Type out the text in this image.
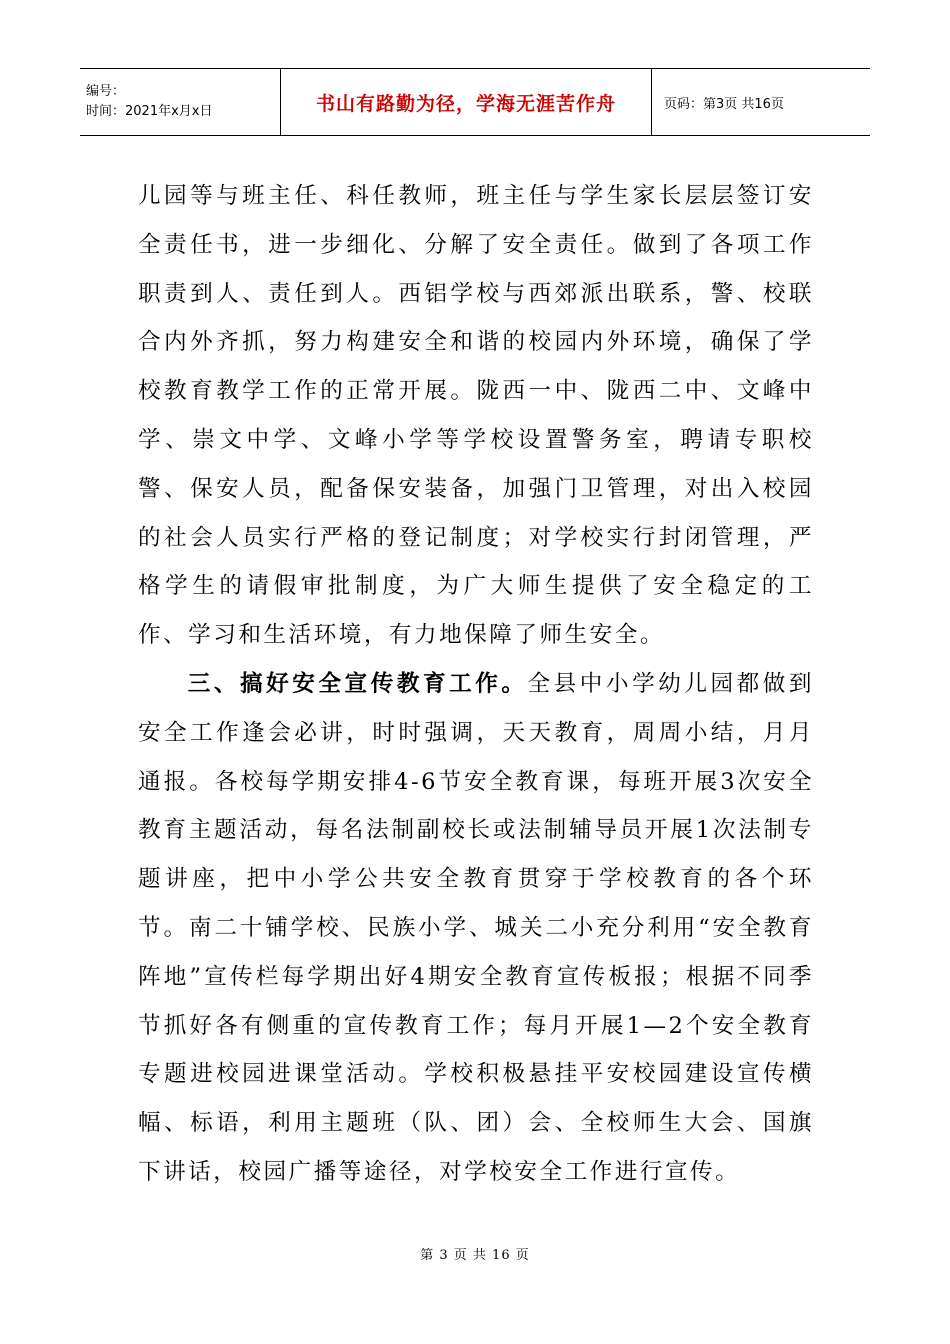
编号：
时间：2021年x月x日	书山有路勤为径，学海无涯苦作舟	页码：第3页 共16页

儿园等与班主任、科任教师，班主任与学生家长层层签订安全责任书，进一步细化、分解了安全责任。做到了各项工作职责到人、责任到人。西铝学校与西郊派出联系，警、校联合内外齐抓，努力构建安全和谐的校园内外环境，确保了学校教育教学工作的正常开展。陇西一中、陇西二中、文峰中学、崇文中学、文峰小学等学校设置警务室，聘请专职校警、保安人员，配备保安装备，加强门卫管理，对出入校园的社会人员实行严格的登记制度；对学校实行封闭管理，严格学生的请假审批制度，为广大师生提供了安全稳定的工作、学习和生活环境，有力地保障了师生安全。

三、搞好安全宣传教育工作。全县中小学幼儿园都做到安全工作逢会必讲，时时强调，天天教育，周周小结，月月通报。各校每学期安排4-6节安全教育课，每班开展3次安全教育主题活动，每名法制副校长或法制辅导员开展1次法制专题讲座，把中小学公共安全教育贯穿于学校教育的各个环节。南二十铺学校、民族小学、城关二小充分利用“安全教育阵地”宣传栏每学期出好4期安全教育宣传板报；根据不同季节抓好各有侧重的宣传教育工作；每月开展1—2个安全教育专题进校园进课堂活动。学校积极悬挂平安校园建设宣传横幅、标语，利用主题班（队、团）会、全校师生大会、国旗下讲话，校园广播等途径，对学校安全工作进行宣传。

第 3 页 共 16 页
